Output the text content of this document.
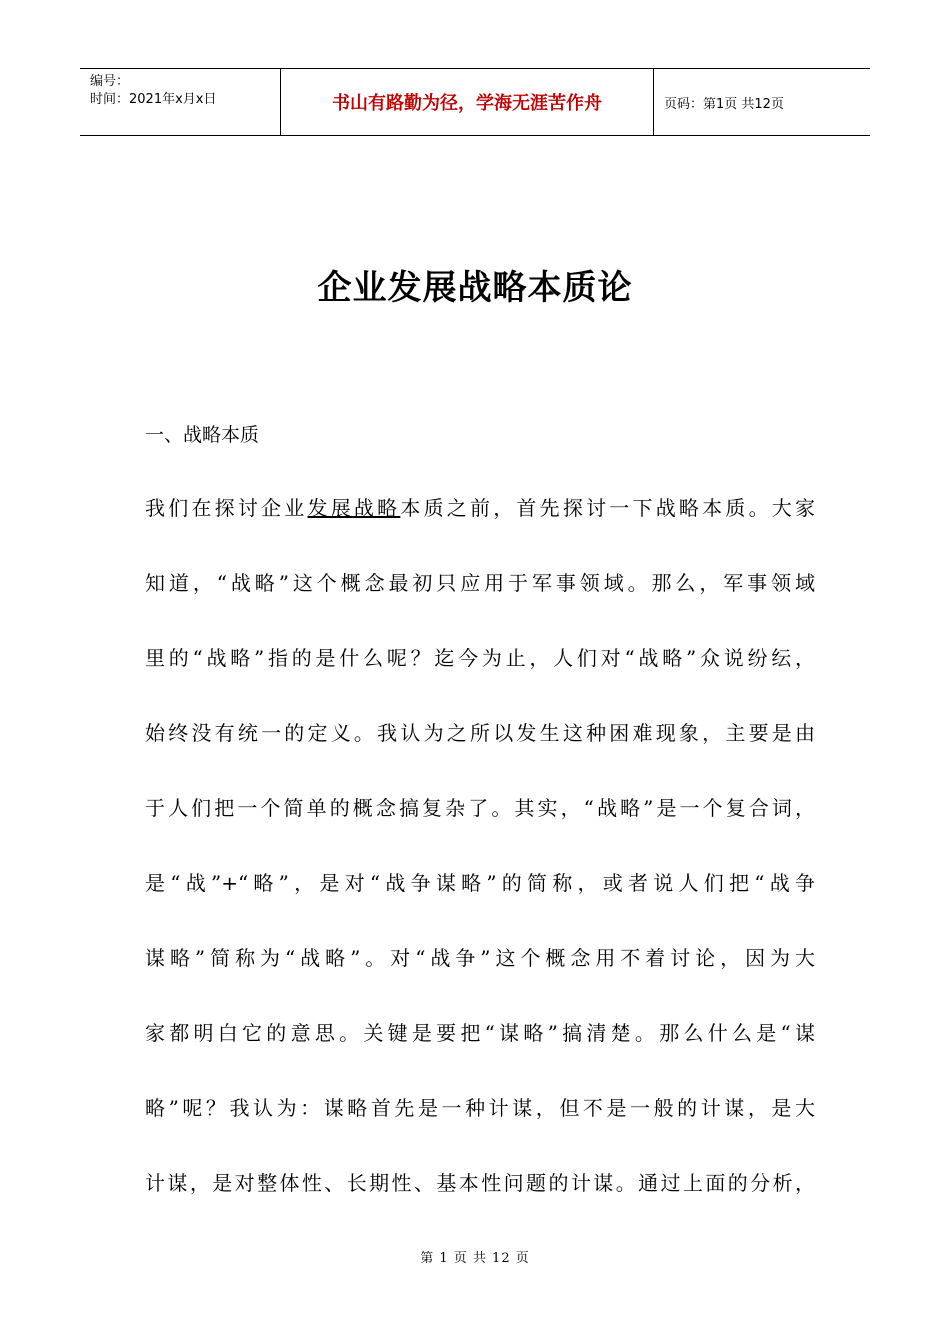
编号：
时间：2021年x月x日	书山有路勤为径，学海无涯苦作舟	页码：第1页 共12页
企业发展战略本质论
一、战略本质
我们在探讨企业发展战略本质之前，首先探讨一下战略本质。大家
知道，“战略”这个概念最初只应用于军事领域。那么，军事领域
里的“战略”指的是什么呢？迄今为止，人们对“战略”众说纷纭，
始终没有统一的定义。我认为之所以发生这种困难现象，主要是由
于人们把一个简单的概念搞复杂了。其实，“战略”是一个复合词，
是“战”+“略”，是对“战争谋略”的简称，或者说人们把“战争
谋略”简称为“战略”。对“战争”这个概念用不着讨论，因为大
家都明白它的意思。关键是要把“谋略”搞清楚。那么什么是“谋
略”呢？我认为：谋略首先是一种计谋，但不是一般的计谋，是大
计谋，是对整体性、长期性、基本性问题的计谋。通过上面的分析，
第 1 页 共 12 页
